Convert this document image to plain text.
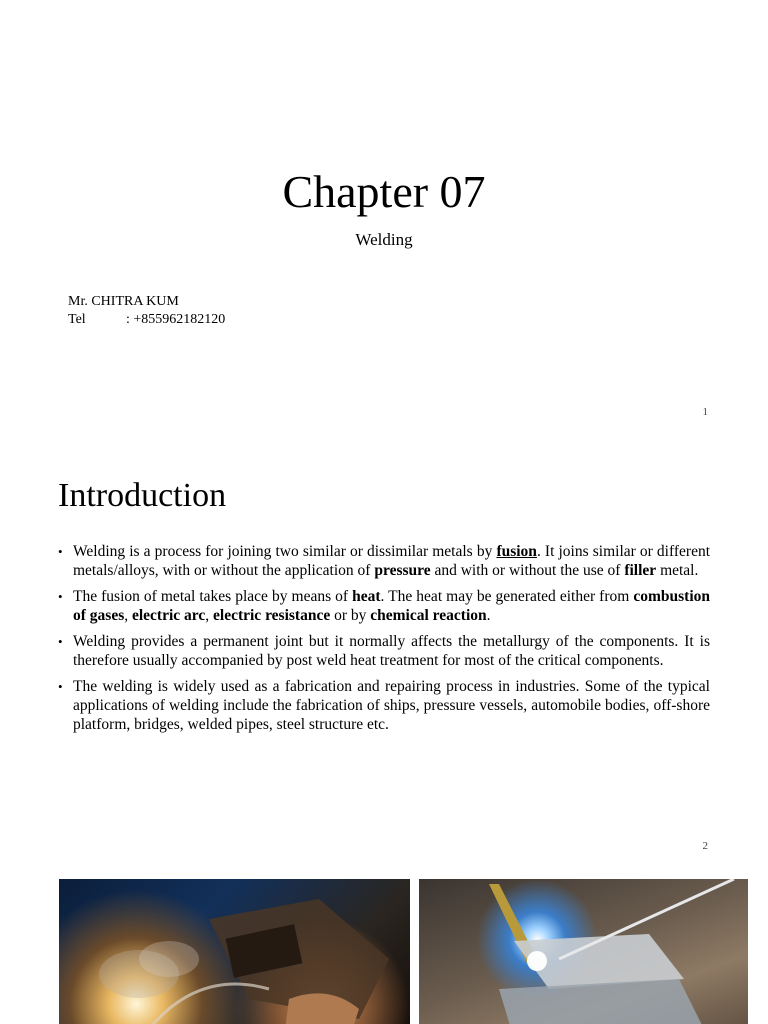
Chapter 07
Welding
Mr. CHITRA KUM
Tel	: +855962182120
1
Introduction
• Welding is a process for joining two similar or dissimilar metals by fusion. It joins similar or different metals/alloys, with or without the application of pressure and with or without the use of filler metal.
• The fusion of metal takes place by means of heat. The heat may be generated either from combustion of gases, electric arc, electric resistance or by chemical reaction.
• Welding provides a permanent joint but it normally affects the metallurgy of the components. It is therefore usually accompanied by post weld heat treatment for most of the critical components.
• The welding is widely used as a fabrication and repairing process in industries. Some of the typical applications of welding include the fabrication of ships, pressure vessels, automobile bodies, off-shore platform, bridges, welded pipes, steel structure etc.
2
